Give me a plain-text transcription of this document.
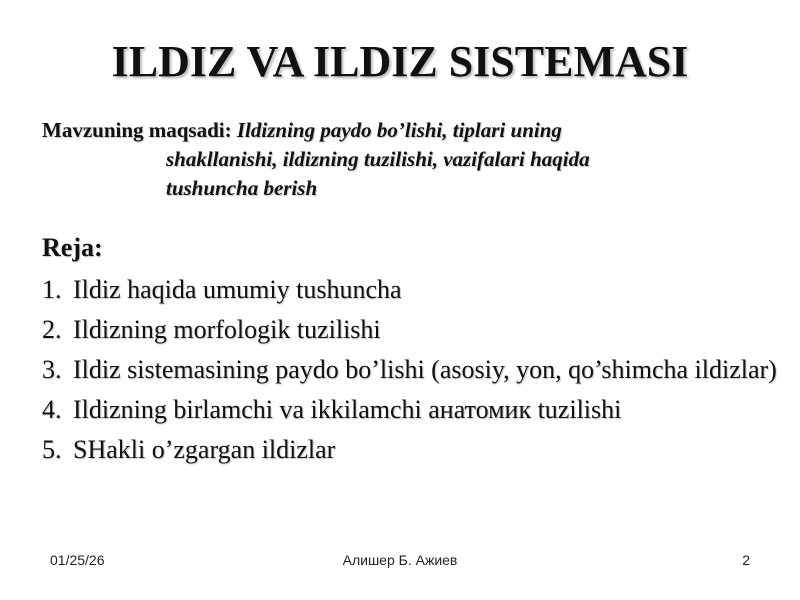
ILDIZ VA ILDIZ SISTEMASI
Mavzuning maqsadi: Ildizning paydo bo’lishi, tiplari uning
shakllanishi, ildizning tuzilishi, vazifalari haqida
tushuncha berish
Reja:
1. Ildiz haqida umumiy tushuncha
2. Ildizning morfologik tuzilishi
3. Ildiz sistemasining paydo bo’lishi (asosiy, yon, qo’shimcha ildizlar)
4. Ildizning birlamchi va ikkilamchi анатомик tuzilishi
5. SHakli o’zgargan ildizlar
01/25/26	Алишер Б. Ажиев	2
